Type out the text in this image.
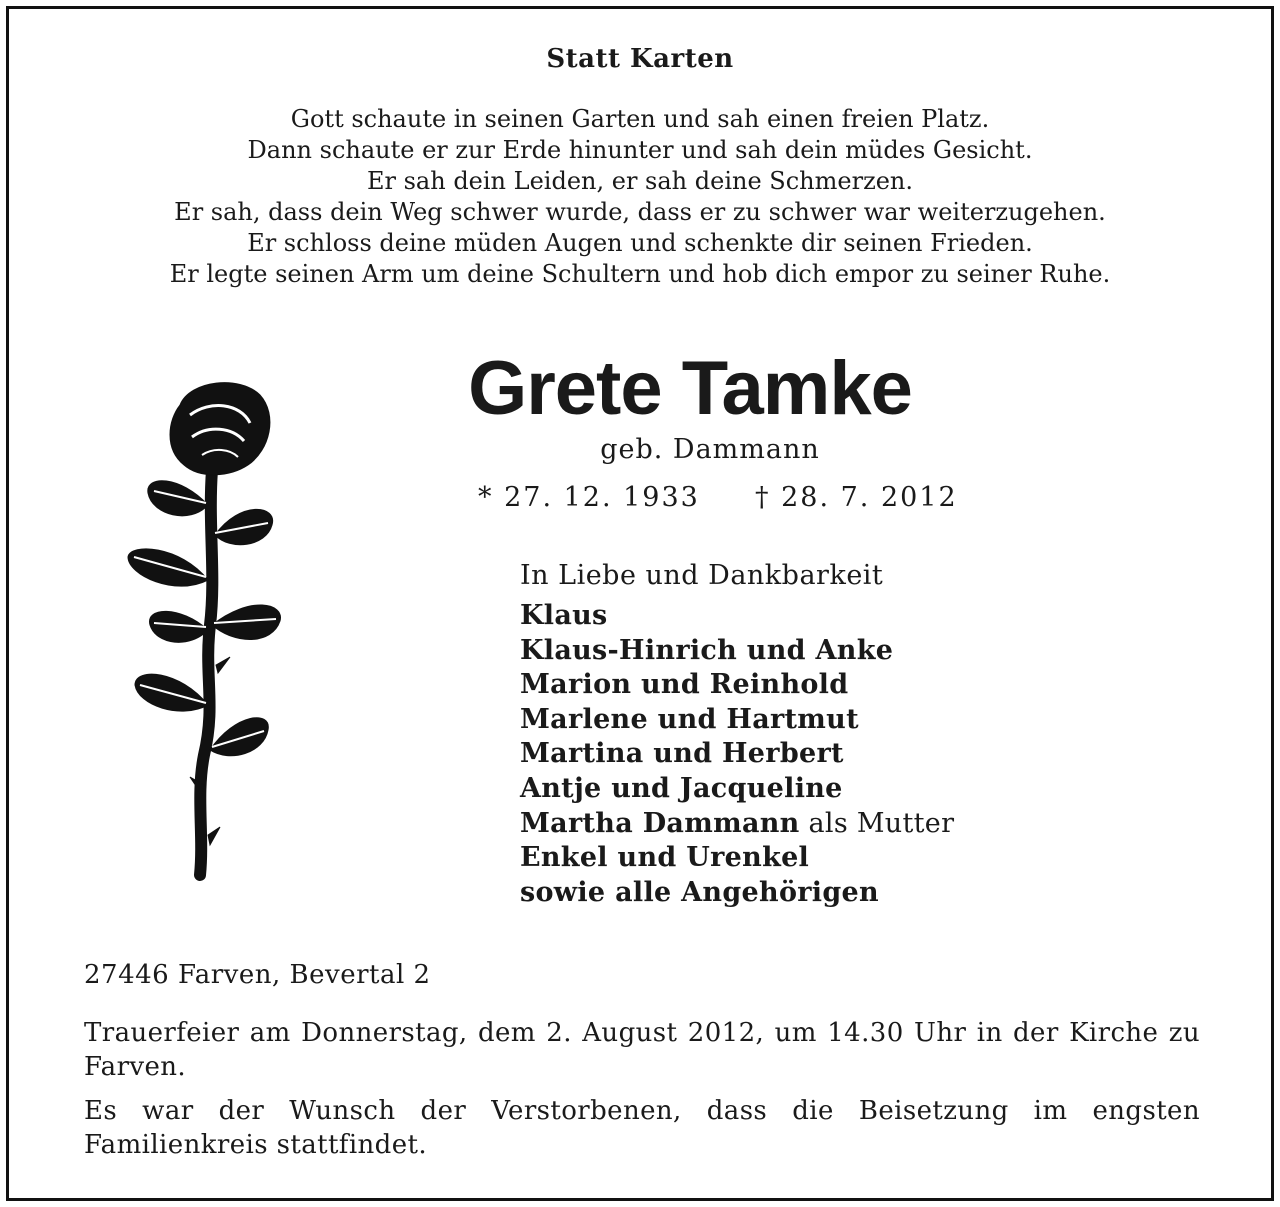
Statt Karten
Gott schaute in seinen Garten und sah einen freien Platz.
Dann schaute er zur Erde hinunter und sah dein müdes Gesicht.
Er sah dein Leiden, er sah deine Schmerzen.
Er sah, dass dein Weg schwer wurde, dass er zu schwer war weiterzugehen.
Er schloss deine müden Augen und schenkte dir seinen Frieden.
Er legte seinen Arm um deine Schultern und hob dich empor zu seiner Ruhe.
Grete Tamke
geb. Dammann
* 27. 12. 1933 † 28. 7. 2012
In Liebe und Dankbarkeit
Klaus
Klaus-Hinrich und Anke
Marion und Reinhold
Marlene und Hartmut
Martina und Herbert
Antje und Jacqueline
Martha Dammann als Mutter
Enkel und Urenkel
sowie alle Angehörigen
27446 Farven, Bevertal 2
Trauerfeier am Donnerstag, dem 2. August 2012, um 14.30 Uhr in der Kirche zu Farven.
Es war der Wunsch der Verstorbenen, dass die Beisetzung im engsten Familienkreis stattfindet.
